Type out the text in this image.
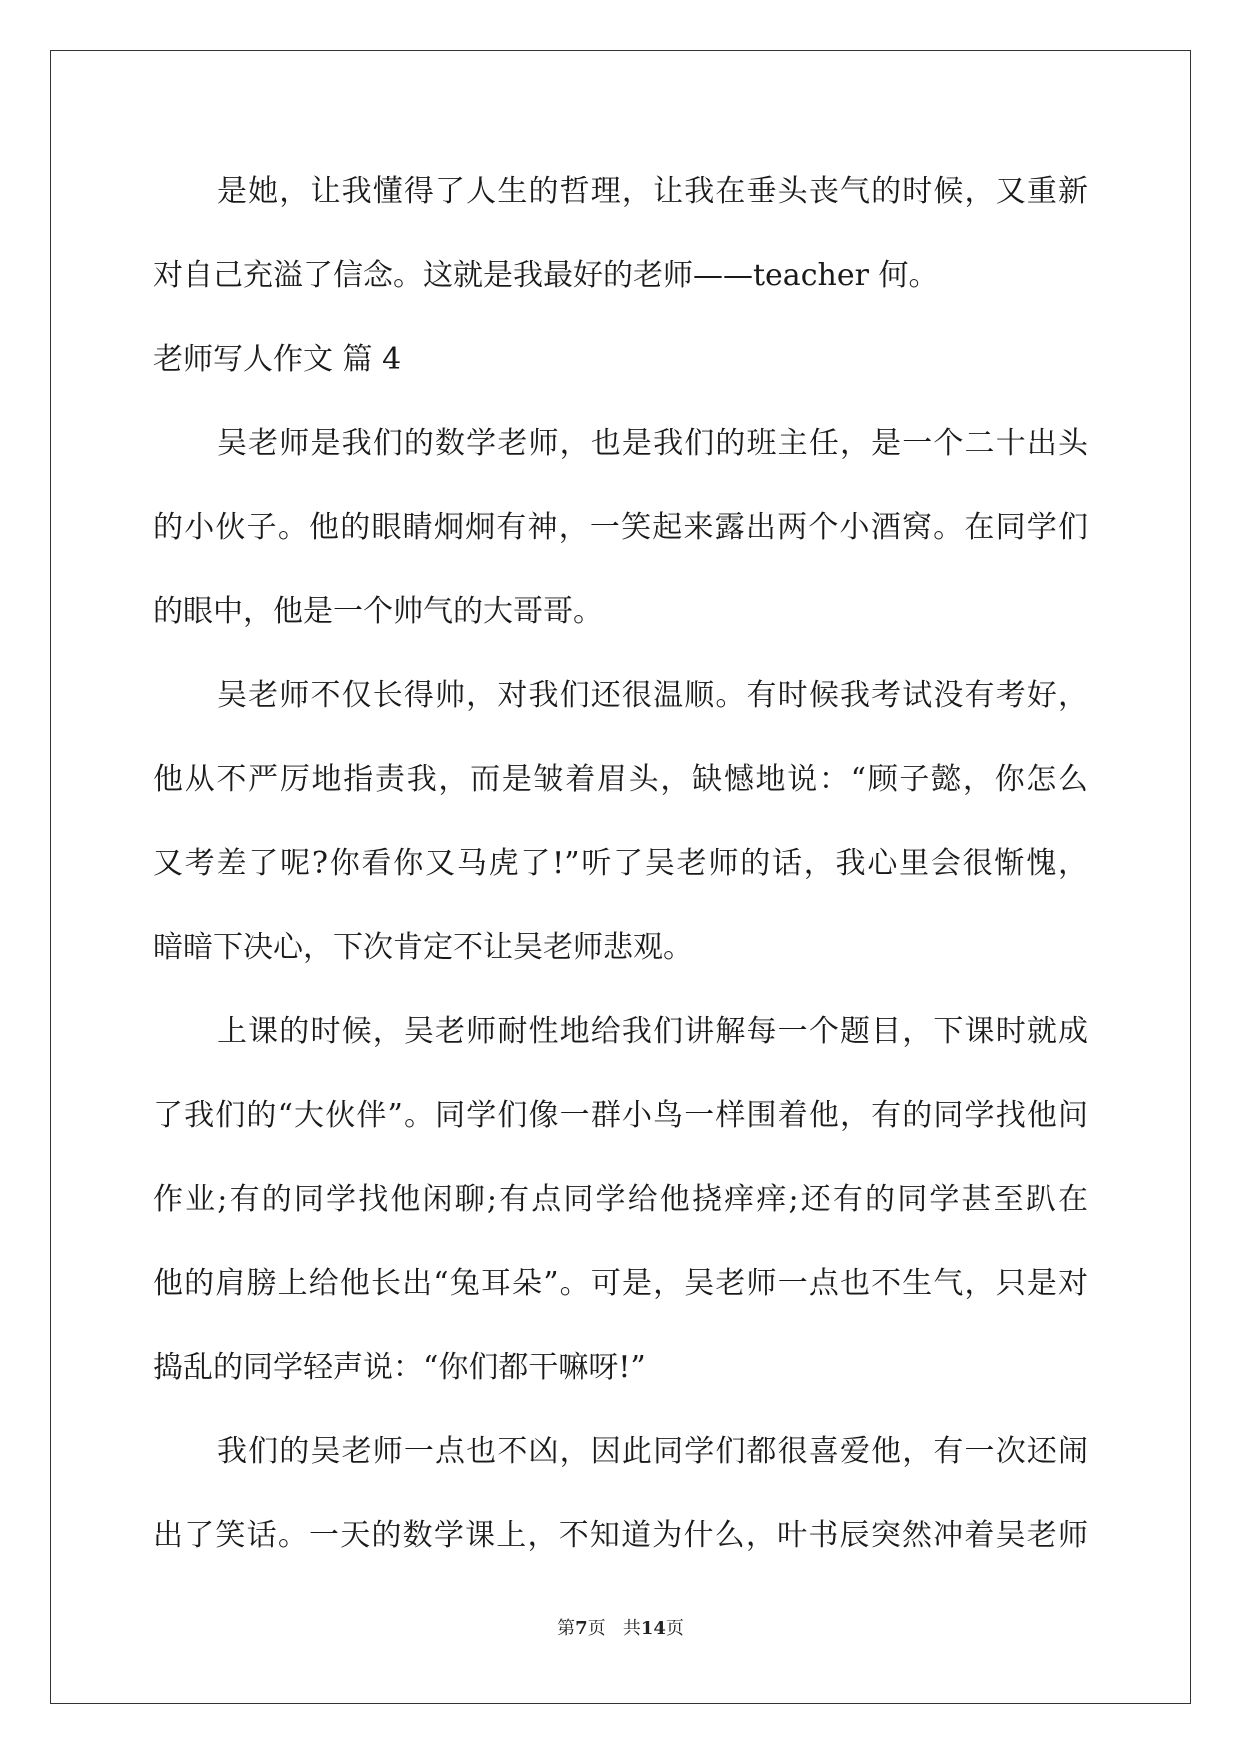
是她，让我懂得了人生的哲理，让我在垂头丧气的时候，又重新
对自己充溢了信念。这就是我最好的老师——teacher 何。
老师写人作文 篇 4
吴老师是我们的数学老师，也是我们的班主任，是一个二十出头
的小伙子。他的眼睛炯炯有神，一笑起来露出两个小酒窝。在同学们
的眼中，他是一个帅气的大哥哥。
吴老师不仅长得帅，对我们还很温顺。有时候我考试没有考好，
他从不严厉地指责我，而是皱着眉头，缺憾地说：“顾子懿，你怎么
又考差了呢?你看你又马虎了!”听了吴老师的话，我心里会很惭愧，
暗暗下决心，下次肯定不让吴老师悲观。
上课的时候，吴老师耐性地给我们讲解每一个题目，下课时就成
了我们的“大伙伴”。同学们像一群小鸟一样围着他，有的同学找他问
作业;有的同学找他闲聊;有点同学给他挠痒痒;还有的同学甚至趴在
他的肩膀上给他长出“兔耳朵”。可是，吴老师一点也不生气，只是对
捣乱的同学轻声说：“你们都干嘛呀!”
我们的吴老师一点也不凶，因此同学们都很喜爱他，有一次还闹
出了笑话。一天的数学课上，不知道为什么，叶书辰突然冲着吴老师
第7页 共14页
